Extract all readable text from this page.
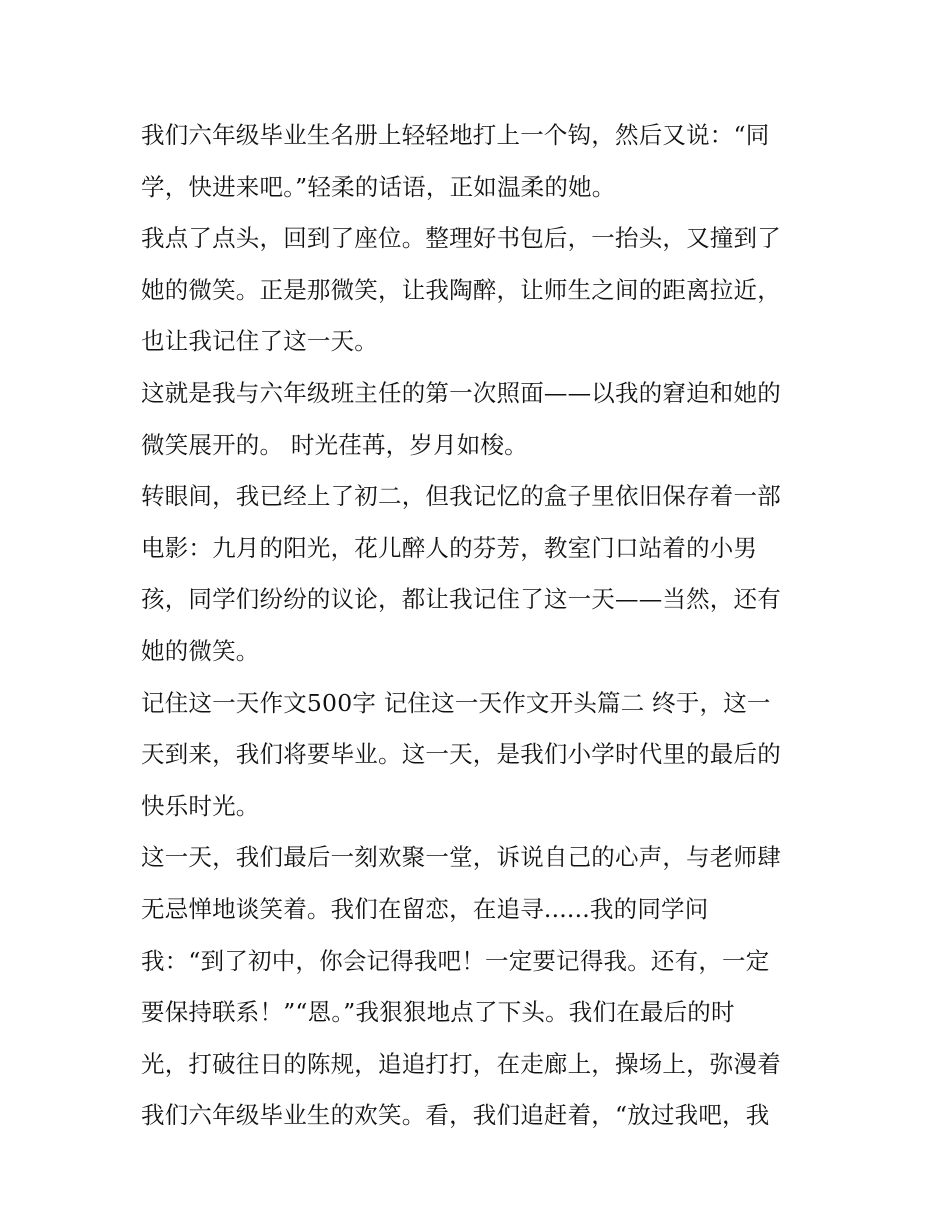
我们六年级毕业生名册上轻轻地打上一个钩，然后又说：“同
学，快进来吧。”轻柔的话语，正如温柔的她。
我点了点头，回到了座位。整理好书包后，一抬头，又撞到了
她的微笑。正是那微笑，让我陶醉，让师生之间的距离拉近，
也让我记住了这一天。
这就是我与六年级班主任的第一次照面——以我的窘迫和她的
微笑展开的。 时光荏苒，岁月如梭。
转眼间，我已经上了初二，但我记忆的盒子里依旧保存着一部
电影：九月的阳光，花儿醉人的芬芳，教室门口站着的小男
孩，同学们纷纷的议论，都让我记住了这一天——当然，还有
她的微笑。
记住这一天作文500字 记住这一天作文开头篇二 终于，这一
天到来，我们将要毕业。这一天，是我们小学时代里的最后的
快乐时光。
这一天，我们最后一刻欢聚一堂，诉说自己的心声，与老师肆
无忌惮地谈笑着。我们在留恋，在追寻......我的同学问
我：“到了初中，你会记得我吧！一定要记得我。还有，一定
要保持联系！”“恩。”我狠狠地点了下头。我们在最后的时
光，打破往日的陈规，追追打打，在走廊上，操场上，弥漫着
我们六年级毕业生的欢笑。看，我们追赶着，“放过我吧，我
